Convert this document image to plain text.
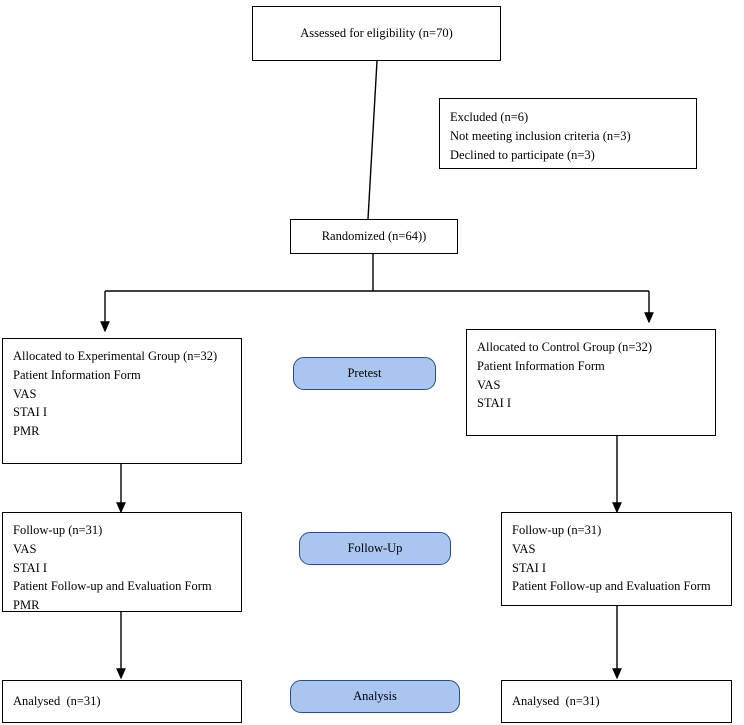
Assessed for eligibility (n=70)
Excluded (n=6)
Not meeting inclusion criteria (n=3)
Declined to participate (n=3)
Randomized (n=64))
Allocated to Experimental Group (n=32)
Patient Information Form
VAS
STAI I
PMR
Allocated to Control Group (n=32)
Patient Information Form
VAS
STAI I
Follow-up (n=31)
VAS
STAI I
Patient Follow-up and Evaluation Form
PMR
Follow-up (n=31)
VAS
STAI I
Patient Follow-up and Evaluation Form
Analysed  (n=31)	Analysed  (n=31)
Pretest
Follow-Up
Analysis
